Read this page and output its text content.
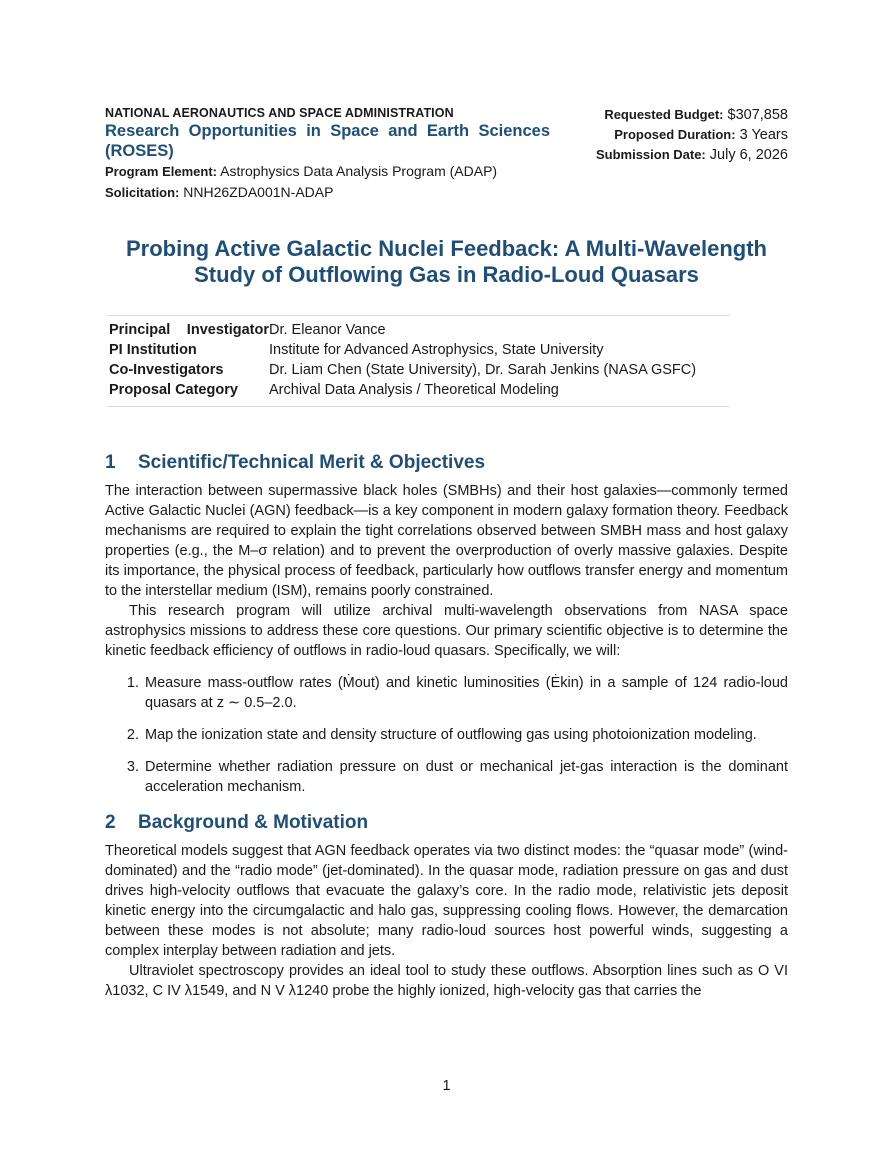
NATIONAL AERONAUTICS AND SPACE ADMINISTRATION
Research Opportunities in Space and Earth Sciences (ROSES)
Program Element: Astrophysics Data Analysis Program (ADAP)
Solicitation: NNH26ZDA001N-ADAP
Requested Budget: $307,858
Proposed Duration: 3 Years
Submission Date: July 6, 2026
Probing Active Galactic Nuclei Feedback: A Multi-Wavelength Study of Outflowing Gas in Radio-Loud Quasars
Principal Investigator Dr. Eleanor Vance
PI Institution	Institute for Advanced Astrophysics, State University
Co-Investigators	Dr. Liam Chen (State University), Dr. Sarah Jenkins (NASA GSFC)
Proposal Category	Archival Data Analysis / Theoretical Modeling
1 Scientific/Technical Merit & Objectives

The interaction between supermassive black holes (SMBHs) and their host galaxies—commonly termed Active Galactic Nuclei (AGN) feedback—is a key component in modern galaxy formation theory. Feedback mechanisms are required to explain the tight correlations observed between SMBH mass and host galaxy properties (e.g., the M–σ relation) and to prevent the overproduction of overly massive galaxies. Despite its importance, the physical process of feedback, particularly how outflows transfer energy and momentum to the interstellar medium (ISM), remains poorly constrained.

This research program will utilize archival multi-wavelength observations from NASA space astrophysics missions to address these core questions. Our primary scientific objective is to determine the kinetic feedback efficiency of outflows in radio-loud quasars. Specifically, we will:

1. Measure mass-outflow rates (Ṁout) and kinetic luminosities (Ėkin) in a sample of 124 radio-loud quasars at z ∼ 0.5–2.0.
2. Map the ionization state and density structure of outflowing gas using photoionization modeling.
3. Determine whether radiation pressure on dust or mechanical jet-gas interaction is the dominant acceleration mechanism.
2 Background & Motivation

Theoretical models suggest that AGN feedback operates via two distinct modes: the “quasar mode” (wind-dominated) and the “radio mode” (jet-dominated). In the quasar mode, radiation pressure on gas and dust drives high-velocity outflows that evacuate the galaxy’s core. In the radio mode, relativistic jets deposit kinetic energy into the circumgalactic and halo gas, suppressing cooling flows. However, the demarcation between these modes is not absolute; many radio-loud sources host powerful winds, suggesting a complex interplay between radiation and jets.

Ultraviolet spectroscopy provides an ideal tool to study these outflows. Absorption lines such as O VI λ1032, C IV λ1549, and N V λ1240 probe the highly ionized, high-velocity gas that carries the

1
